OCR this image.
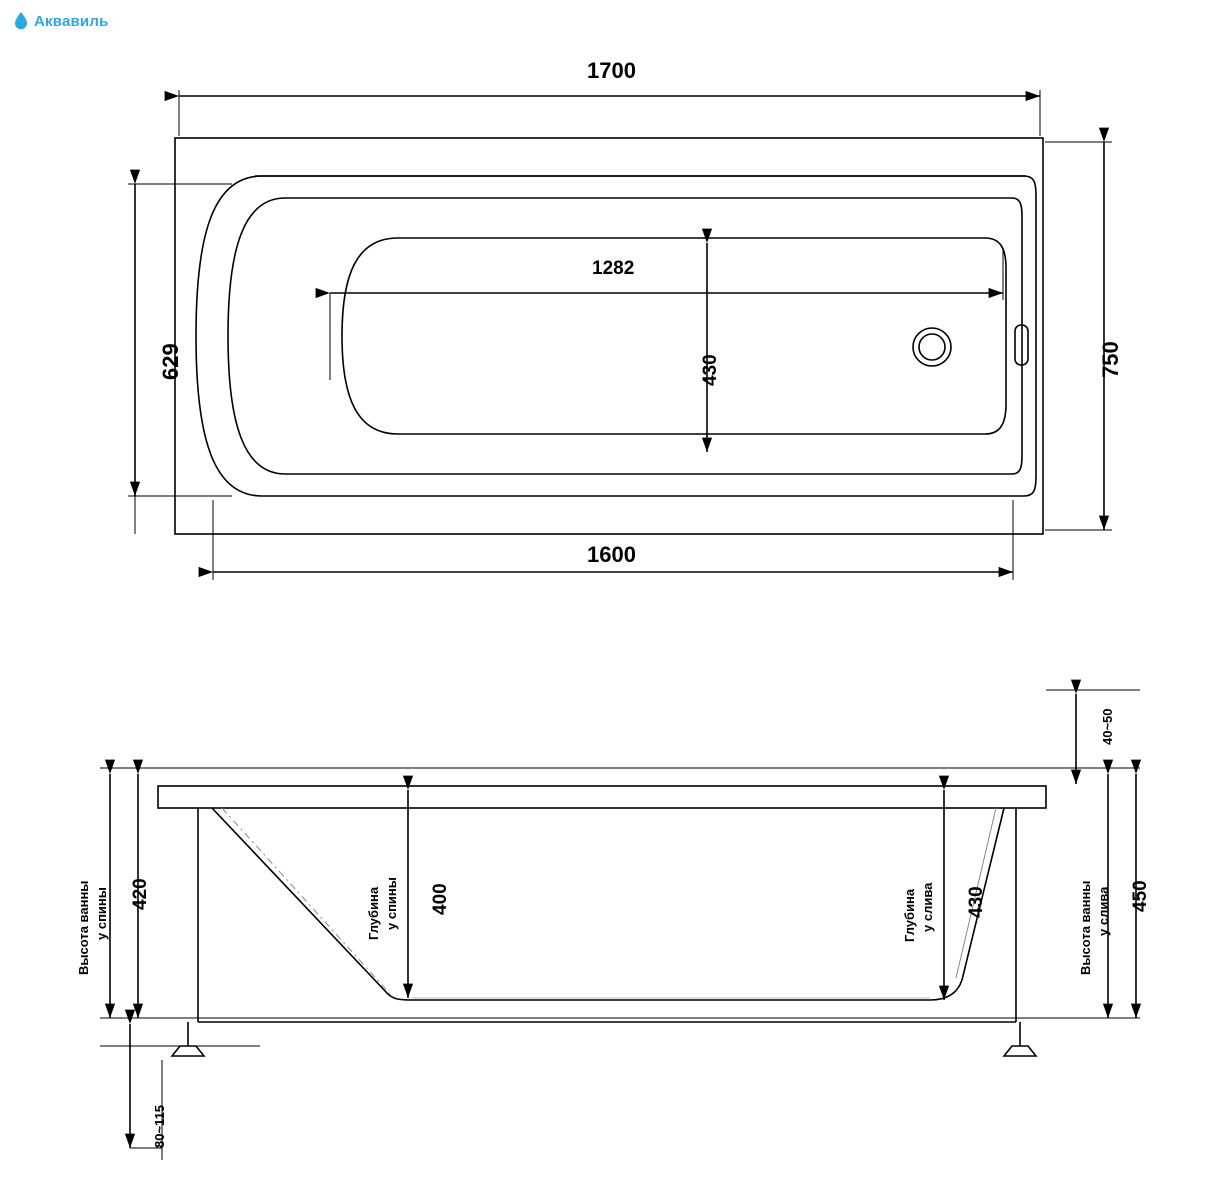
Аквавиль
1700
1600
750
629
1282
430
40~50
420
Высота ванны у спины	400
Глубина у спины	430
Глубина у слива	450
Высота ванны у слива
80~115
